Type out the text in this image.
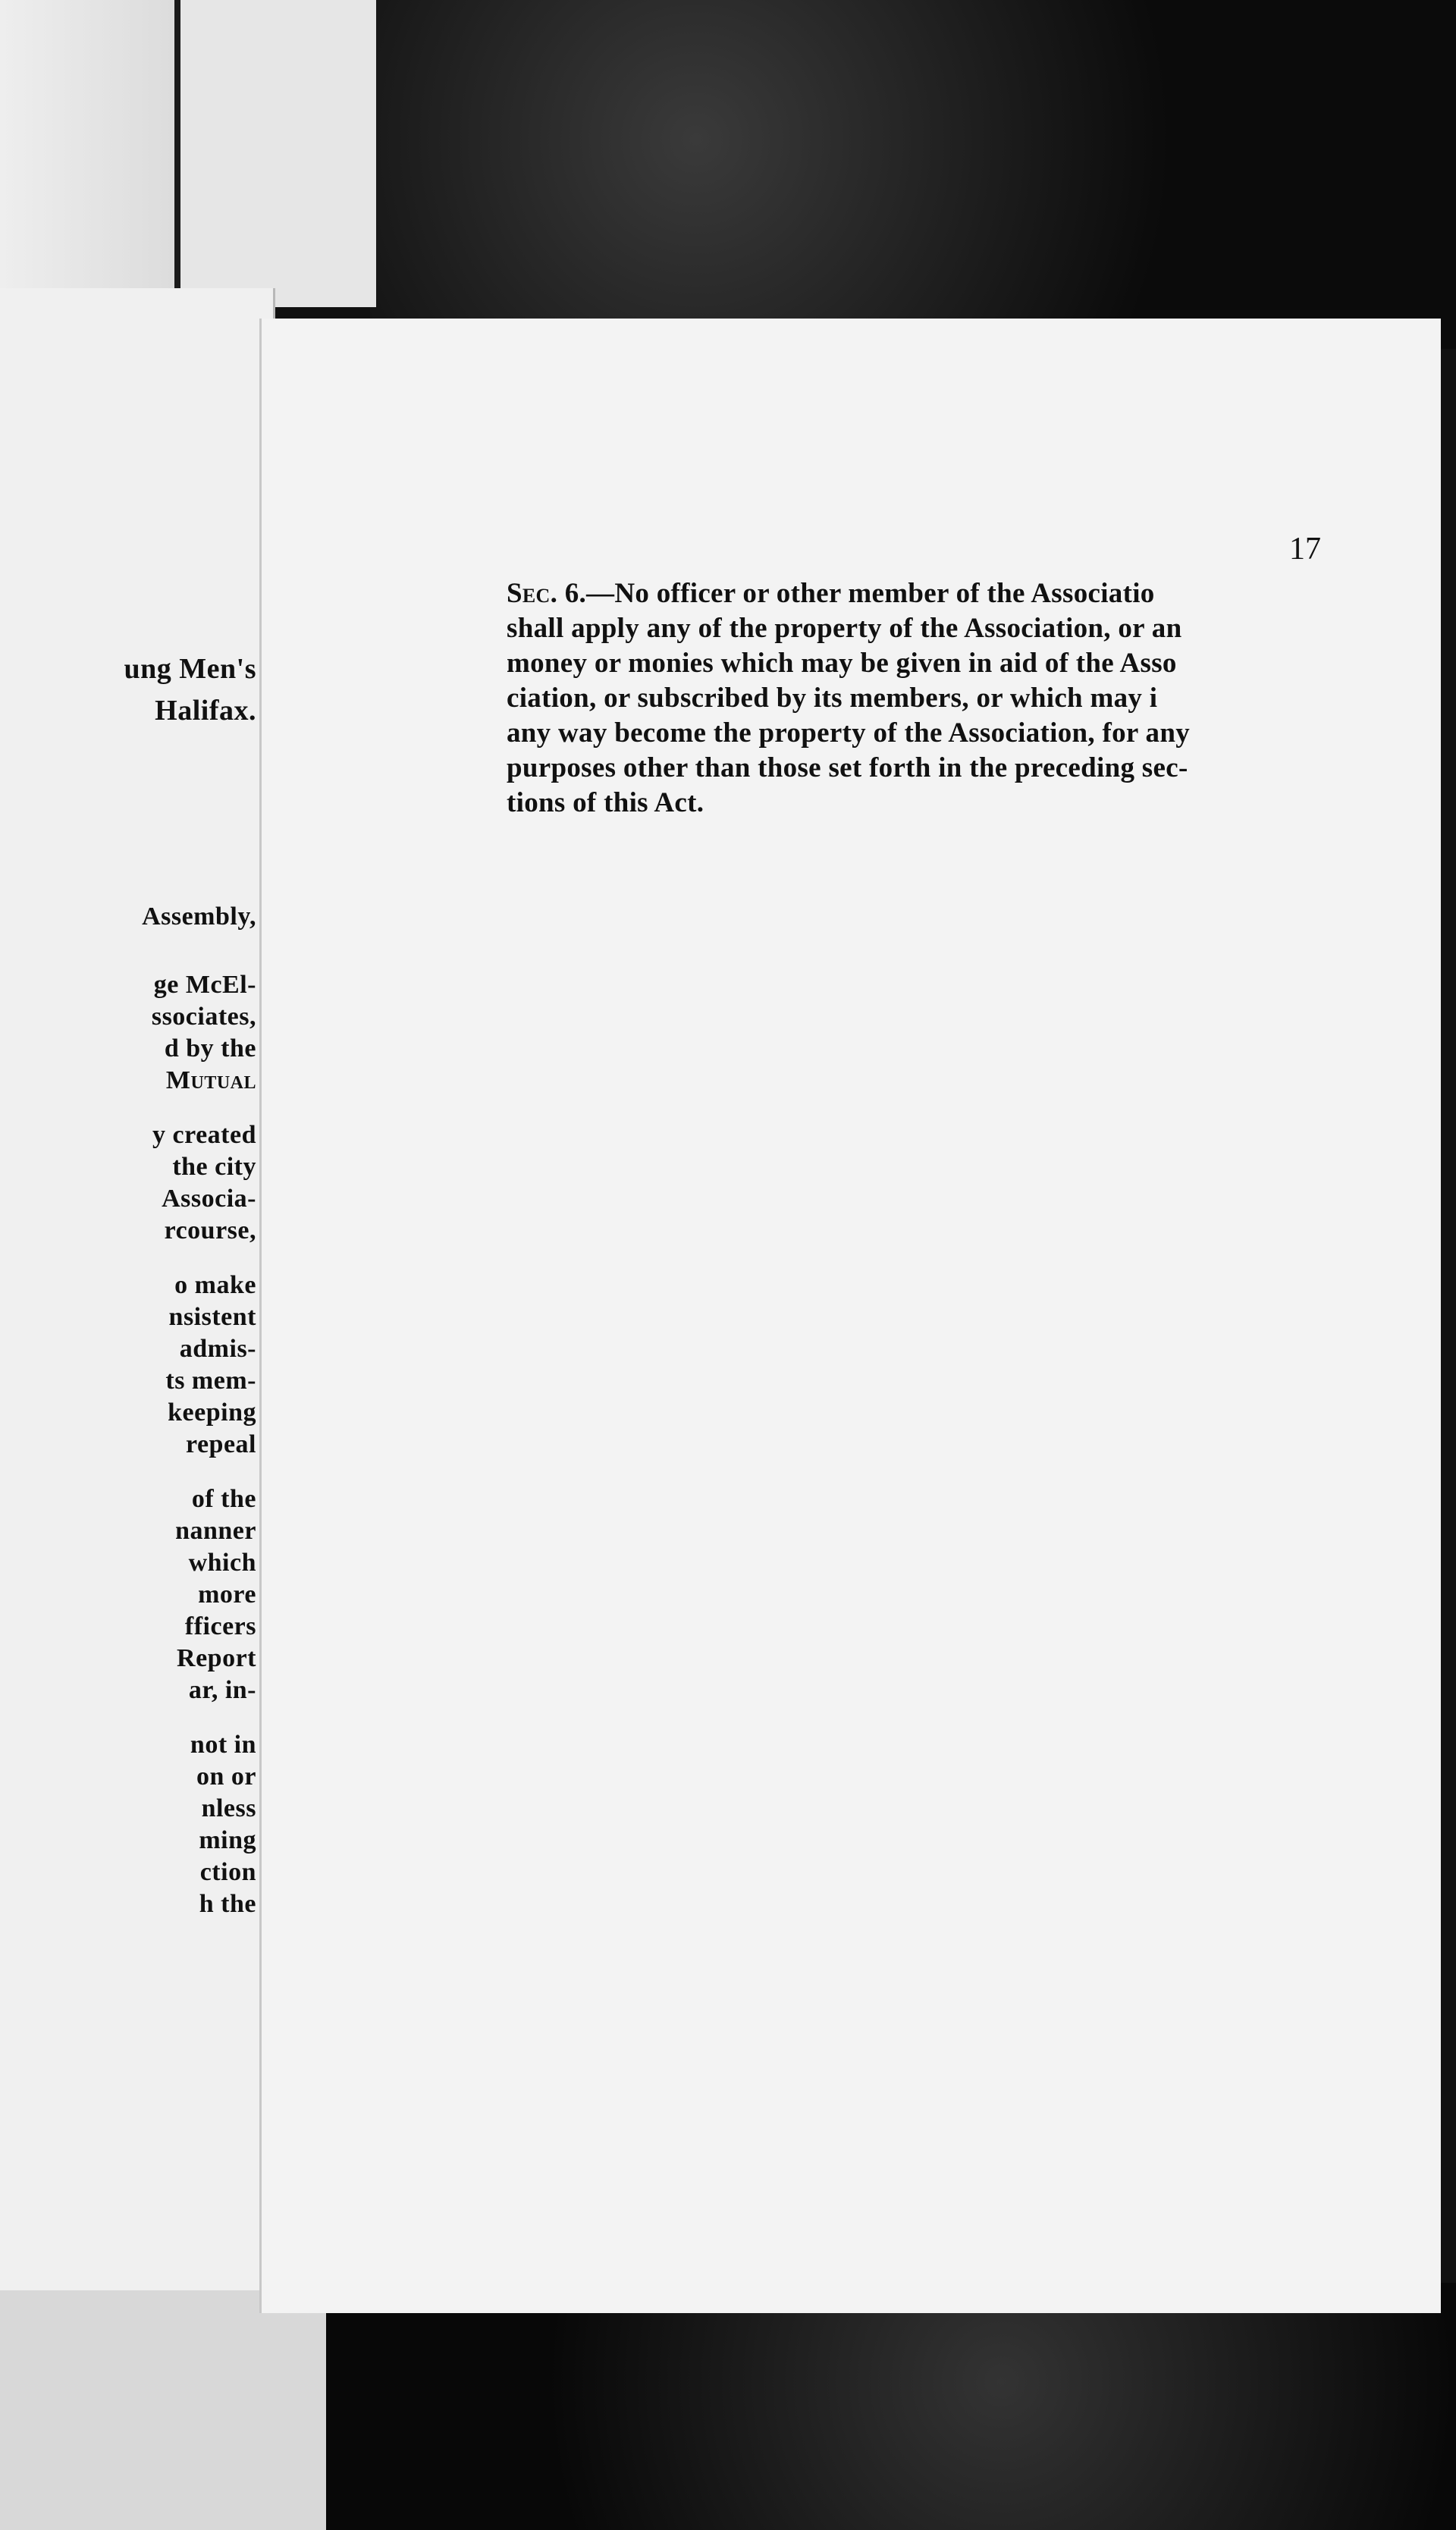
ung Men's
Halifax.
Assembly,
ge McEl-
ssociates,
d by the
Mutual
y created
the city
Associa-
rcourse,
o make
nsistent
admis-
ts mem-
keeping
repeal
of the
nanner
which
more
fficers
Report
ar, in-
not in
on or
nless
ming
ction
h the
17
Sec. 6.—No officer or other member of the Associatio
shall apply any of the property of the Association, or an
money or monies which may be given in aid of the Asso
ciation, or subscribed by its members, or which may i
any way become the property of the Association, for any
purposes other than those set forth in the preceding sec-
tions of this Act.
